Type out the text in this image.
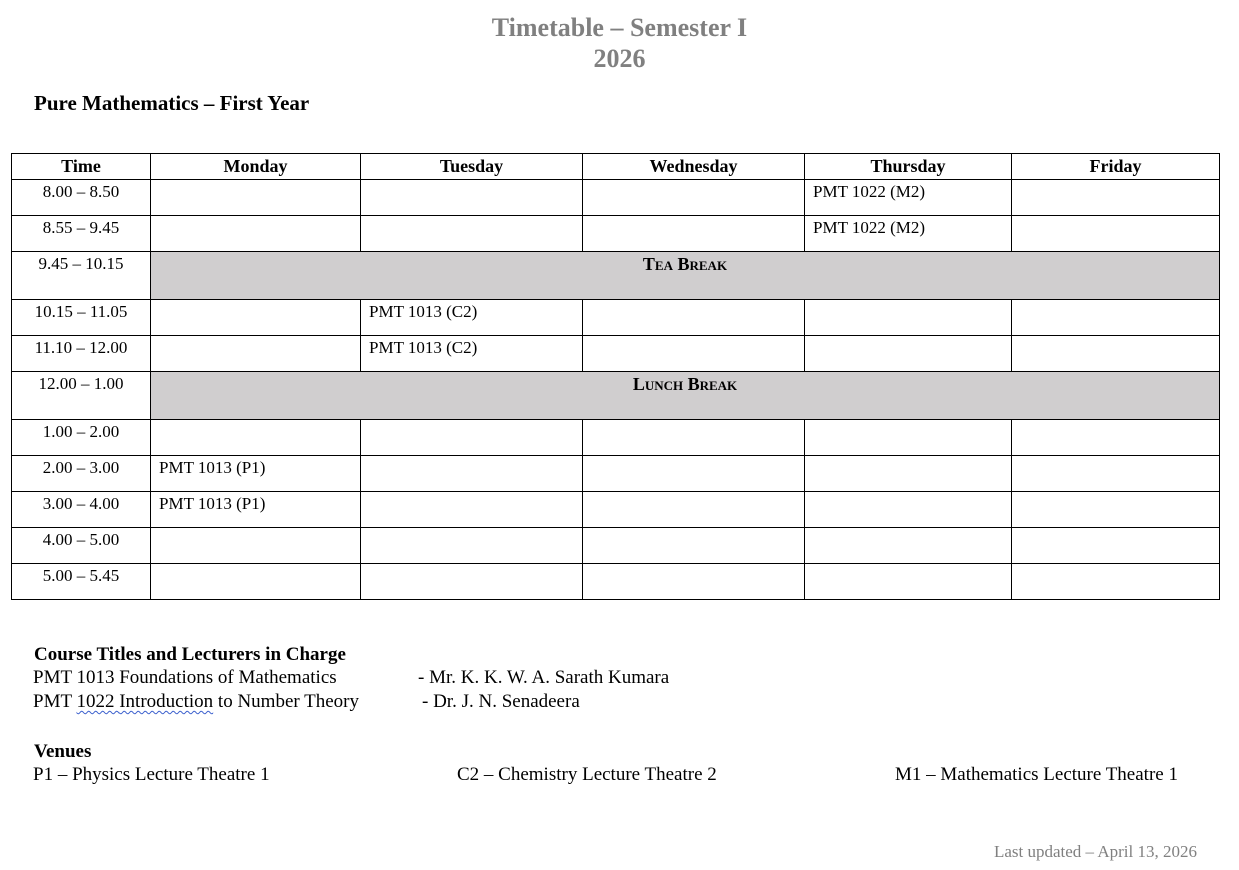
Timetable – Semester I
2026
Pure Mathematics – First Year
Time	Monday	Tuesday	Wednesday	Thursday	Friday
8.00 – 8.50				PMT 1022 (M2)	
8.55 – 9.45				PMT 1022 (M2)	
9.45 – 10.15	Tea Break				
10.15 – 11.05		PMT 1013 (C2)			
11.10 – 12.00		PMT 1013 (C2)			
12.00 – 1.00	Lunch Break				
1.00 – 2.00					
2.00 – 3.00	PMT 1013 (P1)				
3.00 – 4.00	PMT 1013 (P1)				
4.00 – 5.00					
5.00 – 5.45					
Course Titles and Lecturers in Charge
PMT 1013 Foundations of Mathematics	- Mr. K. K. W. A. Sarath Kumara
PMT 1022 Introduction to Number Theory	- Dr. J. N. Senadeera
Venues
P1 – Physics Lecture Theatre 1	C2 – Chemistry Lecture Theatre 2	M1 – Mathematics Lecture Theatre 1
Last updated – April 13, 2026
